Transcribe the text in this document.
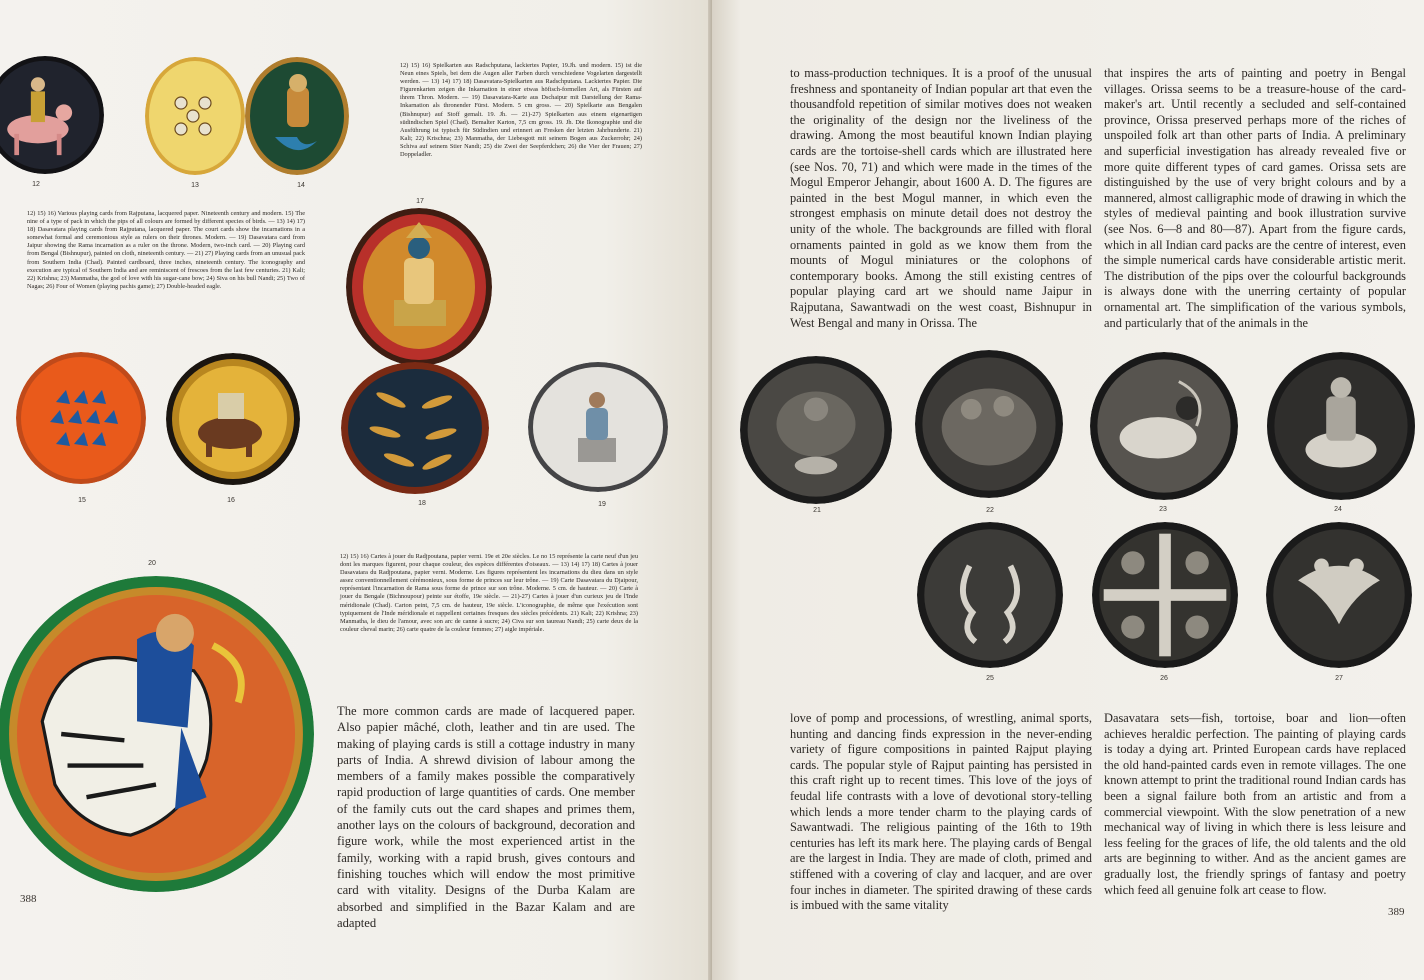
12	13	14

12) 15) 16) Spielkarten aus Radschputana, lackiertes Papier, 19.Jh. und modern. 15) ist die Neun eines Spiels, bei dem die Augen aller Farben durch verschiedene Vogelarten dargestellt werden. — 13) 14) 17) 18) Dasavatara-Spielkarten aus Radschputana. Lackiertes Papier. Die Figurenkarten zeigen die Inkarnation in einer etwas höfisch-formellen Art, als Fürsten auf ihrem Thron. Modern. — 19) Dasavatara-Karte aus Dschaipur mit Darstellung der Rama-Inkarnation als thronender Fürst. Modern. 5 cm gross. — 20) Spielkarte aus Bengalen (Bishnupur) auf Stoff gemalt. 19. Jh. — 21)-27) Spielkarten aus einem eigenartigen südindischen Spiel (Chad). Bemalter Karton, 7,5 cm gross. 19. Jh. Die Ikonographie und die Ausführung ist typisch für Südindien und erinnert an Fresken der letzten Jahrhunderte. 21) Kali; 22) Krischna; 23) Manmatha, der Liebesgott mit seinem Bogen aus Zuckerrohr; 24) Schiva auf seinem Stier Nandi; 25) die Zwei der Seepferdchen; 26) die Vier der Frauen; 27) Doppeladler.

12) 15) 16) Various playing cards from Rajputana, lacquered paper. Nineteenth century and modern. 15) The nine of a type of pack in which the pips of all colours are formed by different species of birds. — 13) 14) 17) 18) Dasavatara playing cards from Rajputana, lacquered paper. The court cards show the incarnations in a somewhat formal and ceremonious style as rulers on their thrones. Modern. — 19) Dasavatara card from Jaipur showing the Rama incarnation as a ruler on the throne. Modern, two-inch card. — 20) Playing card from Bengal (Bishnupur), painted on cloth, nineteenth century. — 21) 27) Playing cards from an unusual pack from Southern India (Chad). Painted cardboard, three inches, nineteenth century. The iconography and execution are typical of Southern India and are reminiscent of frescoes from the last few centuries. 21) Kali; 22) Krishna; 23) Manmatha, the god of love with his sugar-cane bow; 24) Siva on his bull Nandi; 25) Two of Nagas; 26) Four of Women (playing pachis game); 27) Double-headed eagle.

17
18	19
15	16
20

12) 15) 16) Cartes à jouer du Radjpoutana, papier verni. 19e et 20e siècles. Le no 15 représente la carte neuf d'un jeu dont les marques figurent, pour chaque couleur, des espèces différentes d'oiseaux. — 13) 14) 17) 18) Cartes à jouer Dasavatara du Radjpoutana, papier verni. Moderne. Les figures représentent les incarnations du dieu dans un style assez conventionnellement cérémonieux, sous forme de princes sur leur trône. — 19) Carte Dasavatara du Djaipour, représentant l'incarnation de Rama sous forme de prince sur son trône. Moderne. 5 cm. de hauteur. — 20) Carte à jouer du Bengale (Bichnoupour) peinte sur étoffe, 19e siècle. — 21)-27) Cartes à jouer d'un curieux jeu de l'Inde méridionale (Chad). Carton peint, 7,5 cm. de hauteur, 19e siècle. L'iconographie, de même que l'exécution sont typiquement de l'Inde méridionale et rappellent certaines fresques des siècles précédents. 21) Kali; 22) Krishna; 23) Manmatha, le dieu de l'amour, avec son arc de canne à sucre; 24) Civa sur son taureau Nandi; 25) carte deux de la couleur cheval marin; 26) carte quatre de la couleur femmes; 27) aigle impériale.

The more common cards are made of lacquered paper. Also papier mâché, cloth, leather and tin are used. The making of playing cards is still a cottage industry in many parts of India. A shrewd division of labour among the members of a family makes possible the comparatively rapid production of large quantities of cards. One member of the family cuts out the card shapes and primes them, another lays on the colours of background, decoration and figure work, while the most experienced artist in the family, working with a rapid brush, gives contours and finishing touches which will endow the most primitive card with vitality. Designs of the Durba Kalam are absorbed and simplified in the Bazar Kalam and are adapted

388

to mass-production techniques. It is a proof of the unusual freshness and spontaneity of Indian popular art that even the thousandfold repetition of similar motives does not weaken the originality of the design nor the liveliness of the drawing. Among the most beautiful known Indian playing cards are the tortoise-shell cards which are illustrated here (see Nos. 70, 71) and which were made in the times of the Mogul Emperor Jehangir, about 1600 A. D. The figures are painted in the best Mogul manner, in which even the strongest emphasis on minute detail does not destroy the unity of the whole. The backgrounds are filled with floral ornaments painted in gold as we know them from the mounts of Mogul miniatures or the colophons of contemporary books. Among the still existing centres of popular playing card art we should name Jaipur in Rajputana, Sawantwadi on the west coast, Bishnupur in West Bengal and many in Orissa. The

that inspires the arts of painting and poetry in Bengal villages. Orissa seems to be a treasure-house of the card-maker's art. Until recently a secluded and self-contained province, Orissa preserved perhaps more of the riches of unspoiled folk art than other parts of India. A preliminary and superficial investigation has already revealed five or more quite different types of card games. Orissa sets are distinguished by the use of very bright colours and by a mannered, almost calligraphic mode of drawing in which the styles of medieval painting and book illustration survive (see Nos. 6—8 and 80—87). Apart from the figure cards, which in all Indian card packs are the centre of interest, even the simple numerical cards have considerable artistic merit. The distribution of the pips over the colourful backgrounds is always done with the unerring certainty of popular ornamental art. The simplification of the various symbols, and particularly that of the animals in the

21	22	23	24
25	26	27

love of pomp and processions, of wrestling, animal sports, hunting and dancing finds expression in the never-ending variety of figure compositions in painted Rajput playing cards. The popular style of Rajput painting has persisted in this craft right up to recent times. This love of the joys of feudal life contrasts with a love of devotional story-telling which lends a more tender charm to the playing cards of Sawantwadi. The religious painting of the 16th to 19th centuries has left its mark here. The playing cards of Bengal are the largest in India. They are made of cloth, primed and stiffened with a covering of clay and lacquer, and are over four inches in diameter. The spirited drawing of these cards is imbued with the same vitality

Dasavatara sets—fish, tortoise, boar and lion—often achieves heraldic perfection. The painting of playing cards is today a dying art. Printed European cards have replaced the old hand-painted cards even in remote villages. The one known attempt to print the traditional round Indian cards has been a signal failure both from an artistic and from a commercial viewpoint. With the slow penetration of a new mechanical way of living in which there is less leisure and less feeling for the graces of life, the old talents and the old arts are beginning to wither. And as the ancient games are gradually lost, the friendly springs of fantasy and poetry which feed all genuine folk art cease to flow.

389
